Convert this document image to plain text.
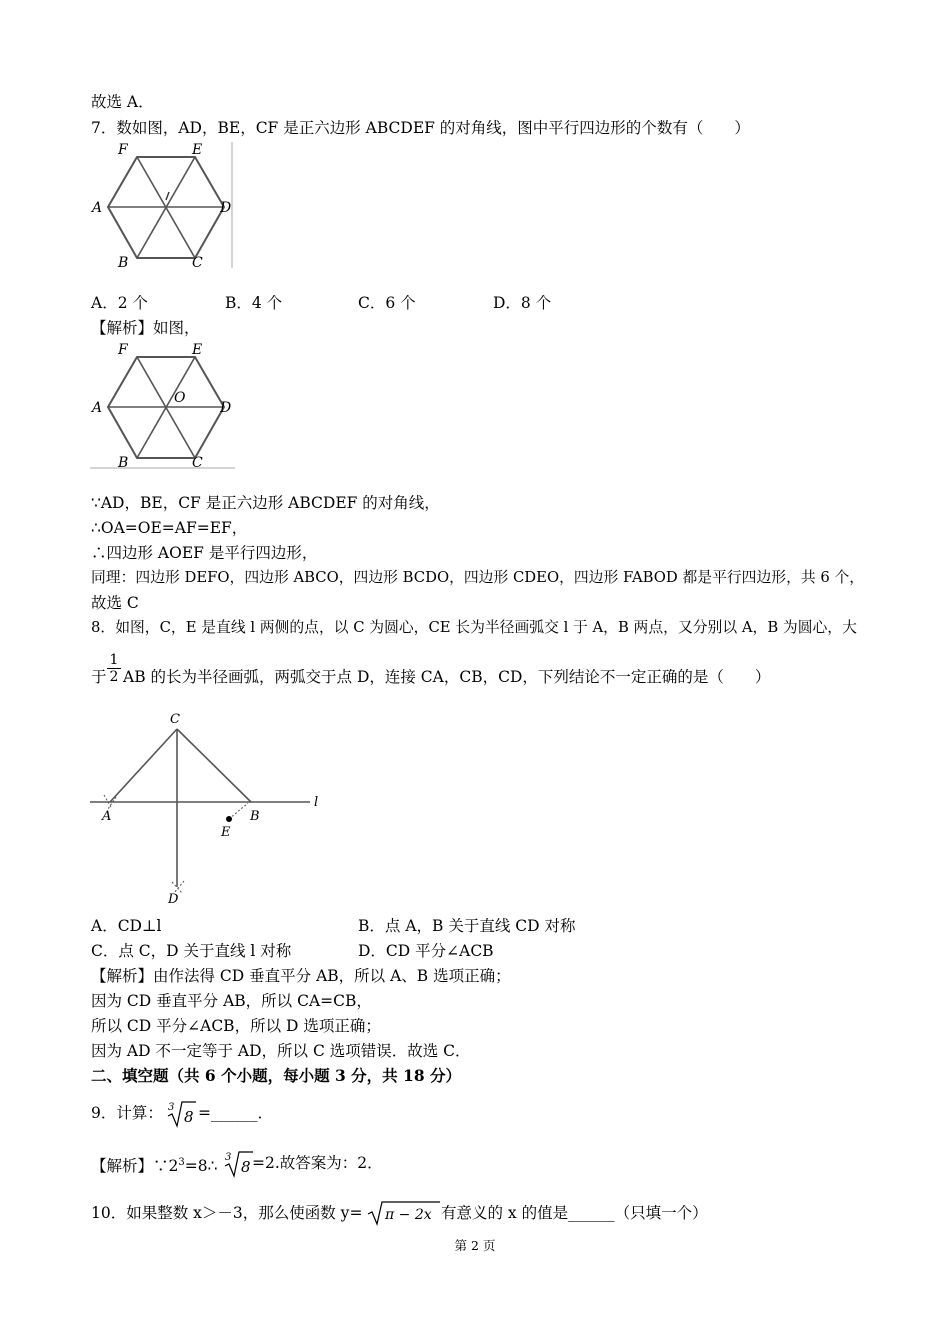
故选 A．
7．数如图，AD，BE，CF 是正六边形 ABCDEF 的对角线，图中平行四边形的个数有（　　）
F	E
A	D
B	C
A．2 个	B．4 个	C．6 个	D．8 个
【解析】如图，
F	E
A	D
B	C
O
∵AD，BE，CF 是正六边形 ABCDEF 的对角线，
∴OA=OE=AF=EF，
∴四边形 AOEF 是平行四边形，
同理：四边形 DEFO，四边形 ABCO，四边形 BCDO，四边形 CDEO，四边形 FABOD 都是平行四边形，共 6 个，
故选 C
8．如图，C，E 是直线 l 两侧的点，以 C 为圆心，CE 长为半径画弧交 l 于 A，B 两点，又分别以 A，B 为圆心，大
于 $\frac{1}{2}$ AB 的长为半径画弧，两弧交于点 D，连接 CA，CB，CD，下列结论不一定正确的是（　　）
C
A	B
E
D
l
A．CD⊥l	B．点 A，B 关于直线 CD 对称
C．点 C，D 关于直线 l 对称	D．CD 平分∠ACB
【解析】由作法得 CD 垂直平分 AB，所以 A、B 选项正确；
因为 CD 垂直平分 AB，所以 CA=CB，
所以 CD 平分∠ACB，所以 D 选项正确；
因为 AD 不一定等于 AD，所以 C 选项错误．故选 C．
二、填空题（共 6 个小题，每小题 3 分，共 18 分）
9．计算： 3
8 =______．
【解析】$\because 2^3=8\therefore$ 3
8 =2.故答案为：2．
10．如果整数 x＞－3，那么使函数 y= π − 2x 有意义的 x 的值是______（只填一个）
第 2 页
